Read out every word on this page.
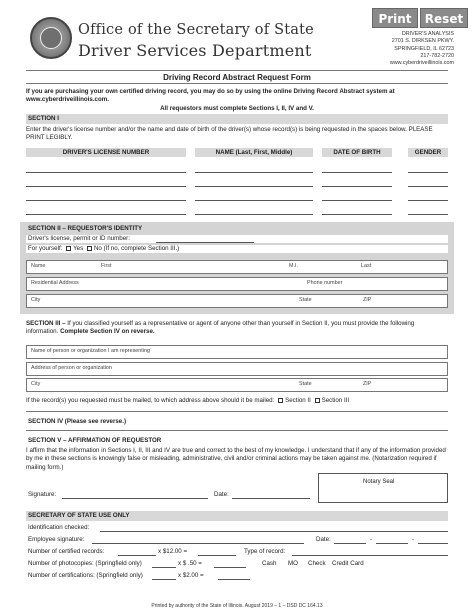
Print	Reset
Office of the Secretary of State
Driver Services Department
DRIVER'S ANALYSIS
2701 S. DIRKSEN PKWY.
SPRINGFIELD, IL 62723
217-782-2720
www.cyberdriveillinois.com
Driving Record Abstract Request Form
If you are purchasing your own certified driving record, you may do so by using the online Driving Record Abstract system at www.cyberdriveillinois.com.
All requestors must complete Sections I, II, IV and V.
SECTION I
Enter the driver's license number and/or the name and date of birth of the driver(s) whose record(s) is being requested in the spaces below. PLEASE PRINT LEGIBLY.
DRIVER'S LICENSE NUMBER	NAME (Last, First, Middle)	DATE OF BIRTH	GENDER
SECTION II – REQUESTOR'S IDENTITY
Driver's license, permit or ID number:
For yourself: Yes No (If no, complete Section III.)
Name	First	M.I.	Last
Residential Address	Phone number
City	State	ZIP
SECTION III – If you classified yourself as a representative or agent of anyone other than yourself in Section II, you must provide the following information. Complete Section IV on reverse.
Name of person or organization I am representing
Address of person or organization
City	State	ZIP
If the record(s) you requested must be mailed, to which address above should it be mailed: Section II Section III
SECTION IV (Please see reverse.)
SECTION V – AFFIRMATION OF REQUESTOR
I affirm that the information in Sections I, II, III and IV are true and correct to the best of my knowledge. I understand that if any of the information provided by me in these sections is knowingly false or misleading, administrative, civil and/or criminal actions may be taken against me. (Notarization required if mailing form.)
Notary Seal
Signature:	Date:
SECRETARY OF STATE USE ONLY
Identification checked:
Employee signature:	Date:	-	-
Number of certified records:	x $12.00 =	Type of record:
Number of photocopies: (Springfield only)	x $ .50 =	Cash MO Check Credit Card
Number of certifications: (Springfield only)	x $2.00 =
Printed by authority of the State of Illinois. August 2019 – 1 – DSD DC 164.13
